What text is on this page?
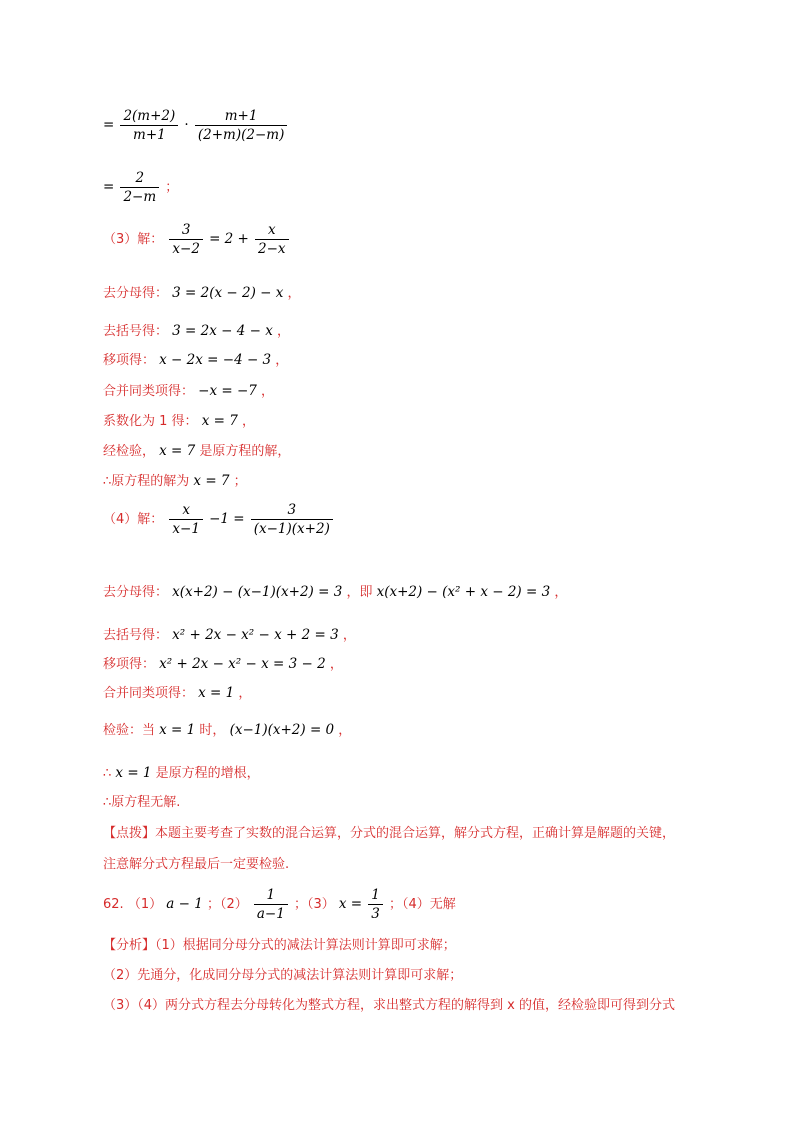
= $\frac{2(m+2)}{m+1} \cdot \frac{m+1}{(2+m)(2-m)}$
= $\frac{2}{2-m}$ ；
（3）解： $\frac{3}{x-2} = 2 + \frac{x}{2-x}$
去分母得： 3 = 2(x − 2) − x ，
去括号得： 3 = 2x − 4 − x ，
移项得： x − 2x = −4 − 3 ，
合并同类项得： −x = −7 ，
系数化为 1 得： x = 7 ，
经检验， x = 7 是原方程的解，
∴原方程的解为 x = 7 ；
（4）解： $\frac{x}{x-1} -1 = \frac{3}{(x-1)(x+2)}$
去分母得： x(x+2) − (x−1)(x+2) = 3 ，即 x(x+2) − (x² + x − 2) = 3 ，
去括号得： x² + 2x − x² − x + 2 = 3 ，
移项得： x² + 2x − x² − x = 3 − 2 ，
合并同类项得： x = 1 ，
检验：当 x = 1 时， (x−1)(x+2) = 0 ，
∴ x = 1 是原方程的增根，
∴原方程无解.
【点拨】本题主要考查了实数的混合运算，分式的混合运算，解分式方程，正确计算是解题的关键，
注意解分式方程最后一定要检验.
62. （1） a − 1 ；$(2) \frac{1}{a-1}$ ；（3） $x = \frac{1}{3}$ ；（4）无解
【分析】（1）根据同分母分式的减法计算法则计算即可求解；
（2）先通分，化成同分母分式的减法计算法则计算即可求解；
（3）（4）两分式方程去分母转化为整式方程，求出整式方程的解得到 x 的值，经检验即可得到分式
